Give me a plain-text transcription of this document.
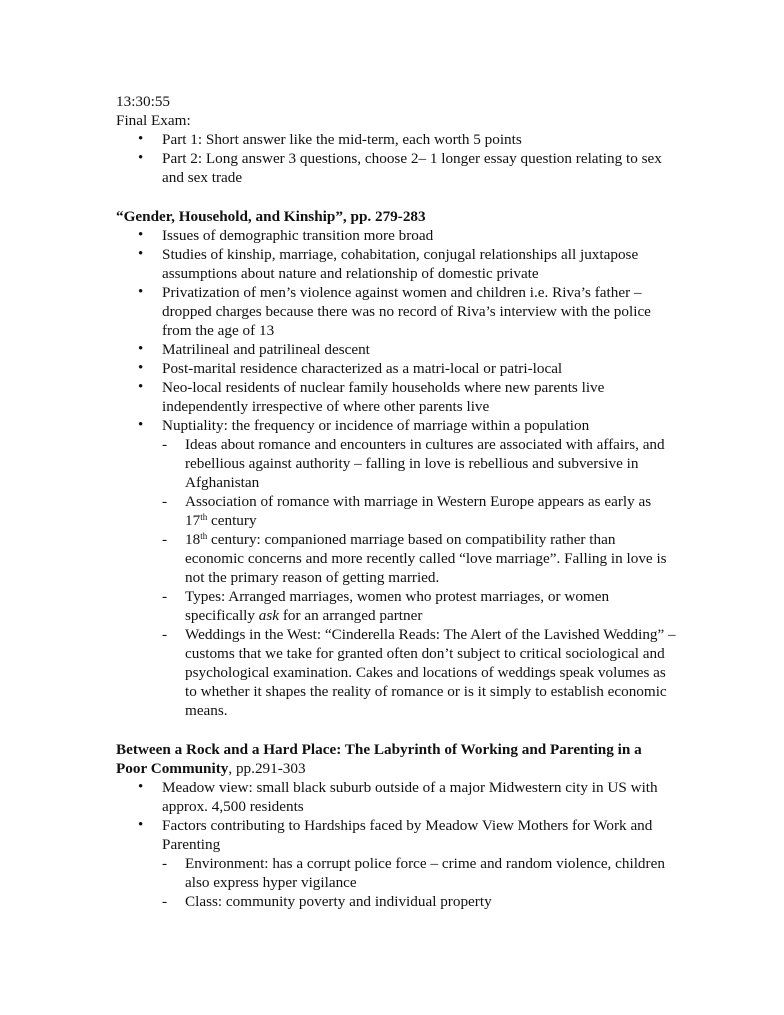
13:30:55

Final Exam:

• Part 1: Short answer like the mid-term, each worth 5 points
• Part 2: Long answer 3 questions, choose 2– 1 longer essay question relating to sex and sex trade

“Gender, Household, and Kinship”, pp. 279-283

• Issues of demographic transition more broad
• Studies of kinship, marriage, cohabitation, conjugal relationships all juxtapose assumptions about nature and relationship of domestic private
• Privatization of men’s violence against women and children i.e. Riva’s father – dropped charges because there was no record of Riva’s interview with the police from the age of 13
• Matrilineal and patrilineal descent
• Post-marital residence characterized as a matri-local or patri-local
• Neo-local residents of nuclear family households where new parents live independently irrespective of where other parents live
• Nuptiality: the frequency or incidence of marriage within a population
- Ideas about romance and encounters in cultures are associated with affairs, and rebellious against authority – falling in love is rebellious and subversive in Afghanistan
- Association of romance with marriage in Western Europe appears as early as 17th century
- 18th century: companioned marriage based on compatibility rather than economic concerns and more recently called “love marriage”. Falling in love is not the primary reason of getting married.
- Types: Arranged marriages, women who protest marriages, or women specifically ask for an arranged partner
- Weddings in the West: “Cinderella Reads: The Alert of the Lavished Wedding” – customs that we take for granted often don’t subject to critical sociological and psychological examination. Cakes and locations of weddings speak volumes as to whether it shapes the reality of romance or is it simply to establish economic means.

Between a Rock and a Hard Place: The Labyrinth of Working and Parenting in a Poor Community, pp.291-303

• Meadow view: small black suburb outside of a major Midwestern city in US with approx. 4,500 residents
• Factors contributing to Hardships faced by Meadow View Mothers for Work and Parenting
- Environment: has a corrupt police force – crime and random violence, children also express hyper vigilance
- Class: community poverty and individual property
